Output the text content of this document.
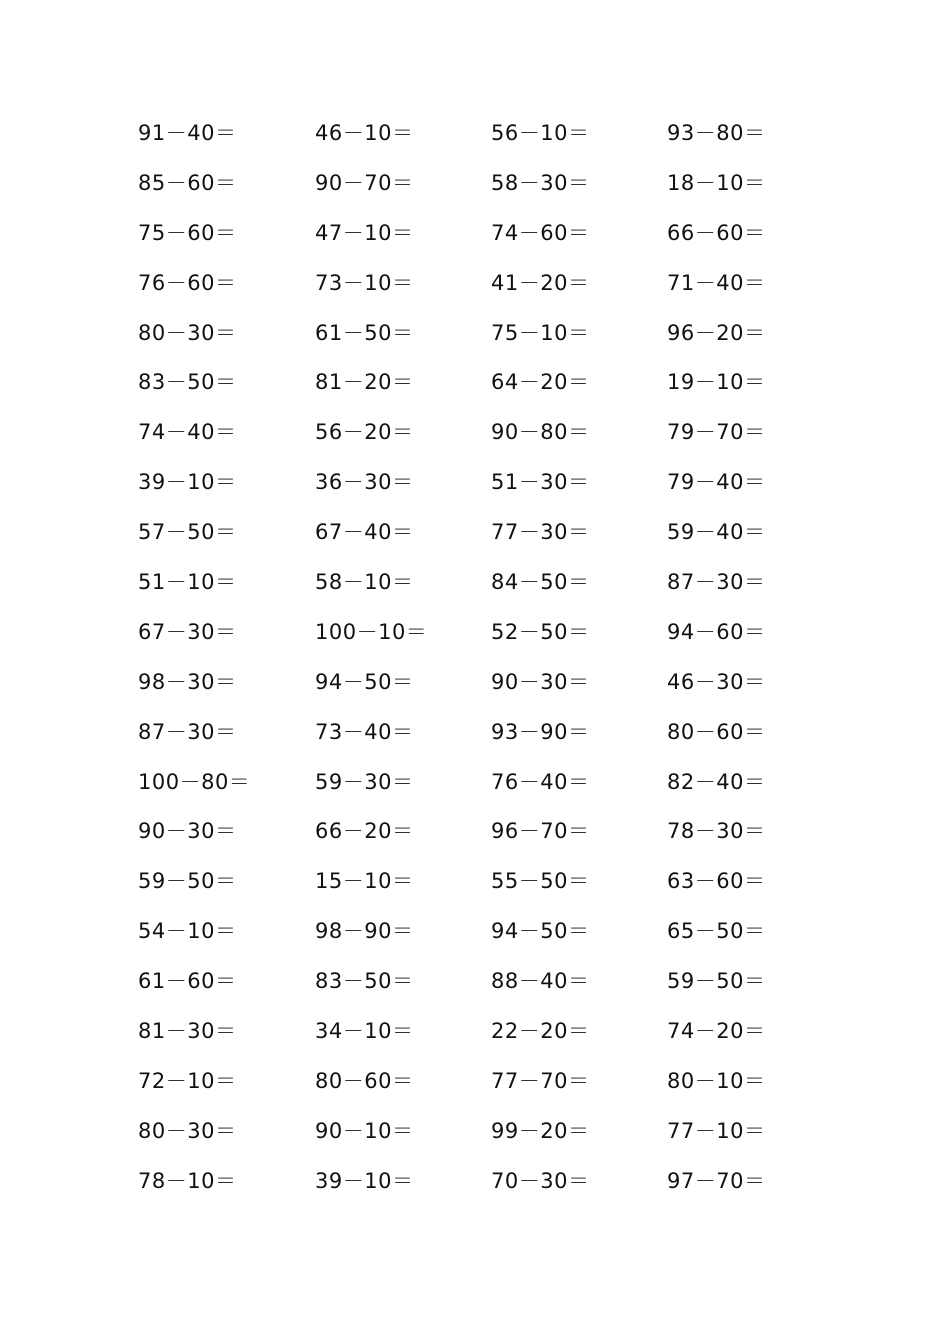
91－40＝	46－10＝	56－10＝	93－80＝
85－60＝	90－70＝	58－30＝	18－10＝
75－60＝	47－10＝	74－60＝	66－60＝
76－60＝	73－10＝	41－20＝	71－40＝
80－30＝	61－50＝	75－10＝	96－20＝
83－50＝	81－20＝	64－20＝	19－10＝
74－40＝	56－20＝	90－80＝	79－70＝
39－10＝	36－30＝	51－30＝	79－40＝
57－50＝	67－40＝	77－30＝	59－40＝
51－10＝	58－10＝	84－50＝	87－30＝
67－30＝	100－10＝	52－50＝	94－60＝
98－30＝	94－50＝	90－30＝	46－30＝
87－30＝	73－40＝	93－90＝	80－60＝
100－80＝	59－30＝	76－40＝	82－40＝
90－30＝	66－20＝	96－70＝	78－30＝
59－50＝	15－10＝	55－50＝	63－60＝
54－10＝	98－90＝	94－50＝	65－50＝
61－60＝	83－50＝	88－40＝	59－50＝
81－30＝	34－10＝	22－20＝	74－20＝
72－10＝	80－60＝	77－70＝	80－10＝
80－30＝	90－10＝	99－20＝	77－10＝
78－10＝	39－10＝	70－30＝	97－70＝
